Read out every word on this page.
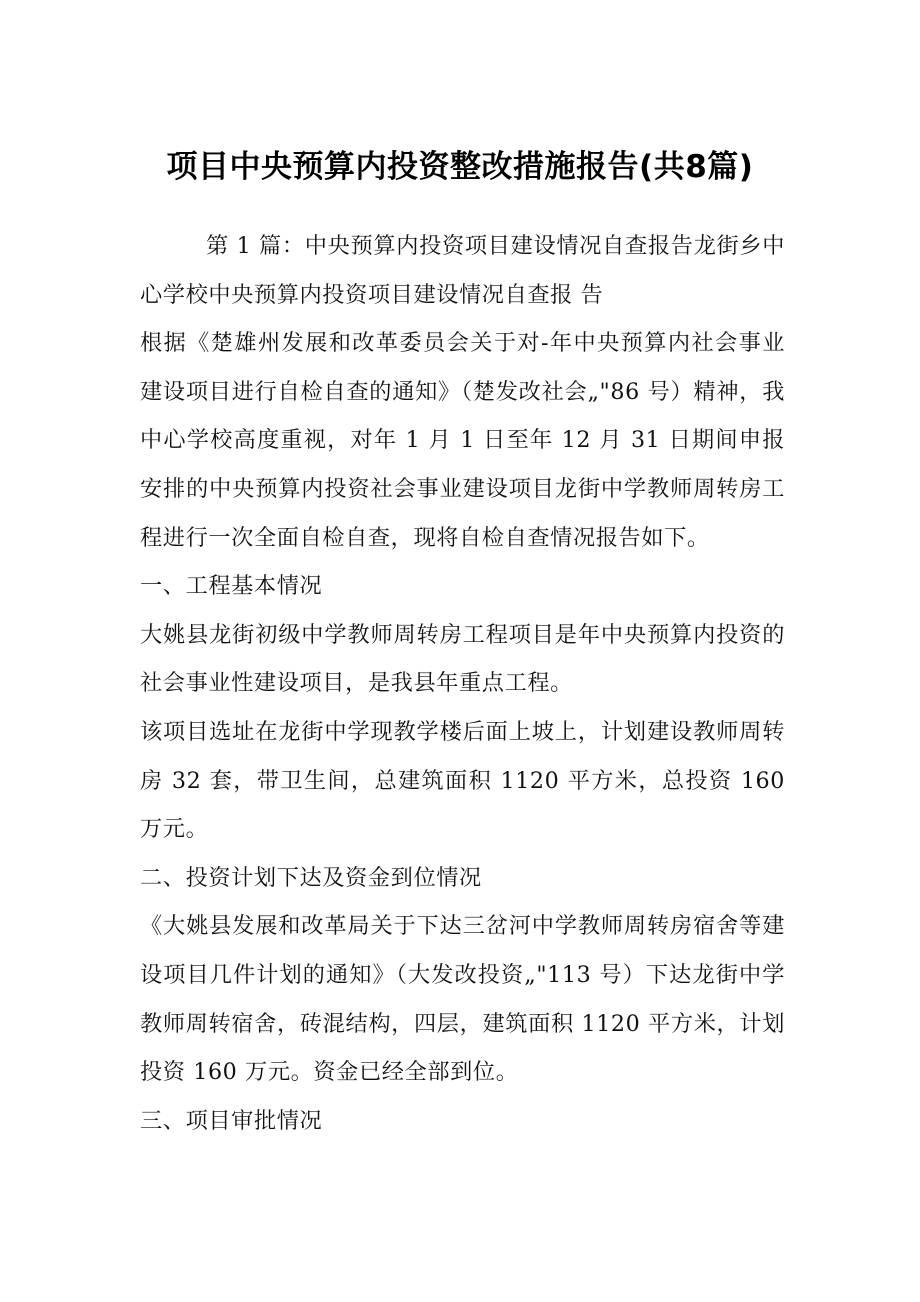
项目中央预算内投资整改措施报告(共8篇)

第 1 篇：中央预算内投资项目建设情况自查报告龙街乡中心学校中央预算内投资项目建设情况自查报 告

根据《楚雄州发展和改革委员会关于对-年中央预算内社会事业建设项目进行自检自查的通知》（楚发改社会„"86 号）精神，我中心学校高度重视，对年 1 月 1 日至年 12 月 31 日期间申报安排的中央预算内投资社会事业建设项目龙街中学教师周转房工程进行一次全面自检自查，现将自检自查情况报告如下。

一、工程基本情况

大姚县龙街初级中学教师周转房工程项目是年中央预算内投资的社会事业性建设项目，是我县年重点工程。

该项目选址在龙街中学现教学楼后面上坡上，计划建设教师周转房 32 套，带卫生间，总建筑面积 1120 平方米，总投资 160 万元。

二、投资计划下达及资金到位情况

《大姚县发展和改革局关于下达三岔河中学教师周转房宿舍等建设项目几件计划的通知》（大发改投资„"113 号）下达龙街中学教师周转宿舍，砖混结构，四层，建筑面积 1120 平方米，计划投资 160 万元。资金已经全部到位。

三、项目审批情况
